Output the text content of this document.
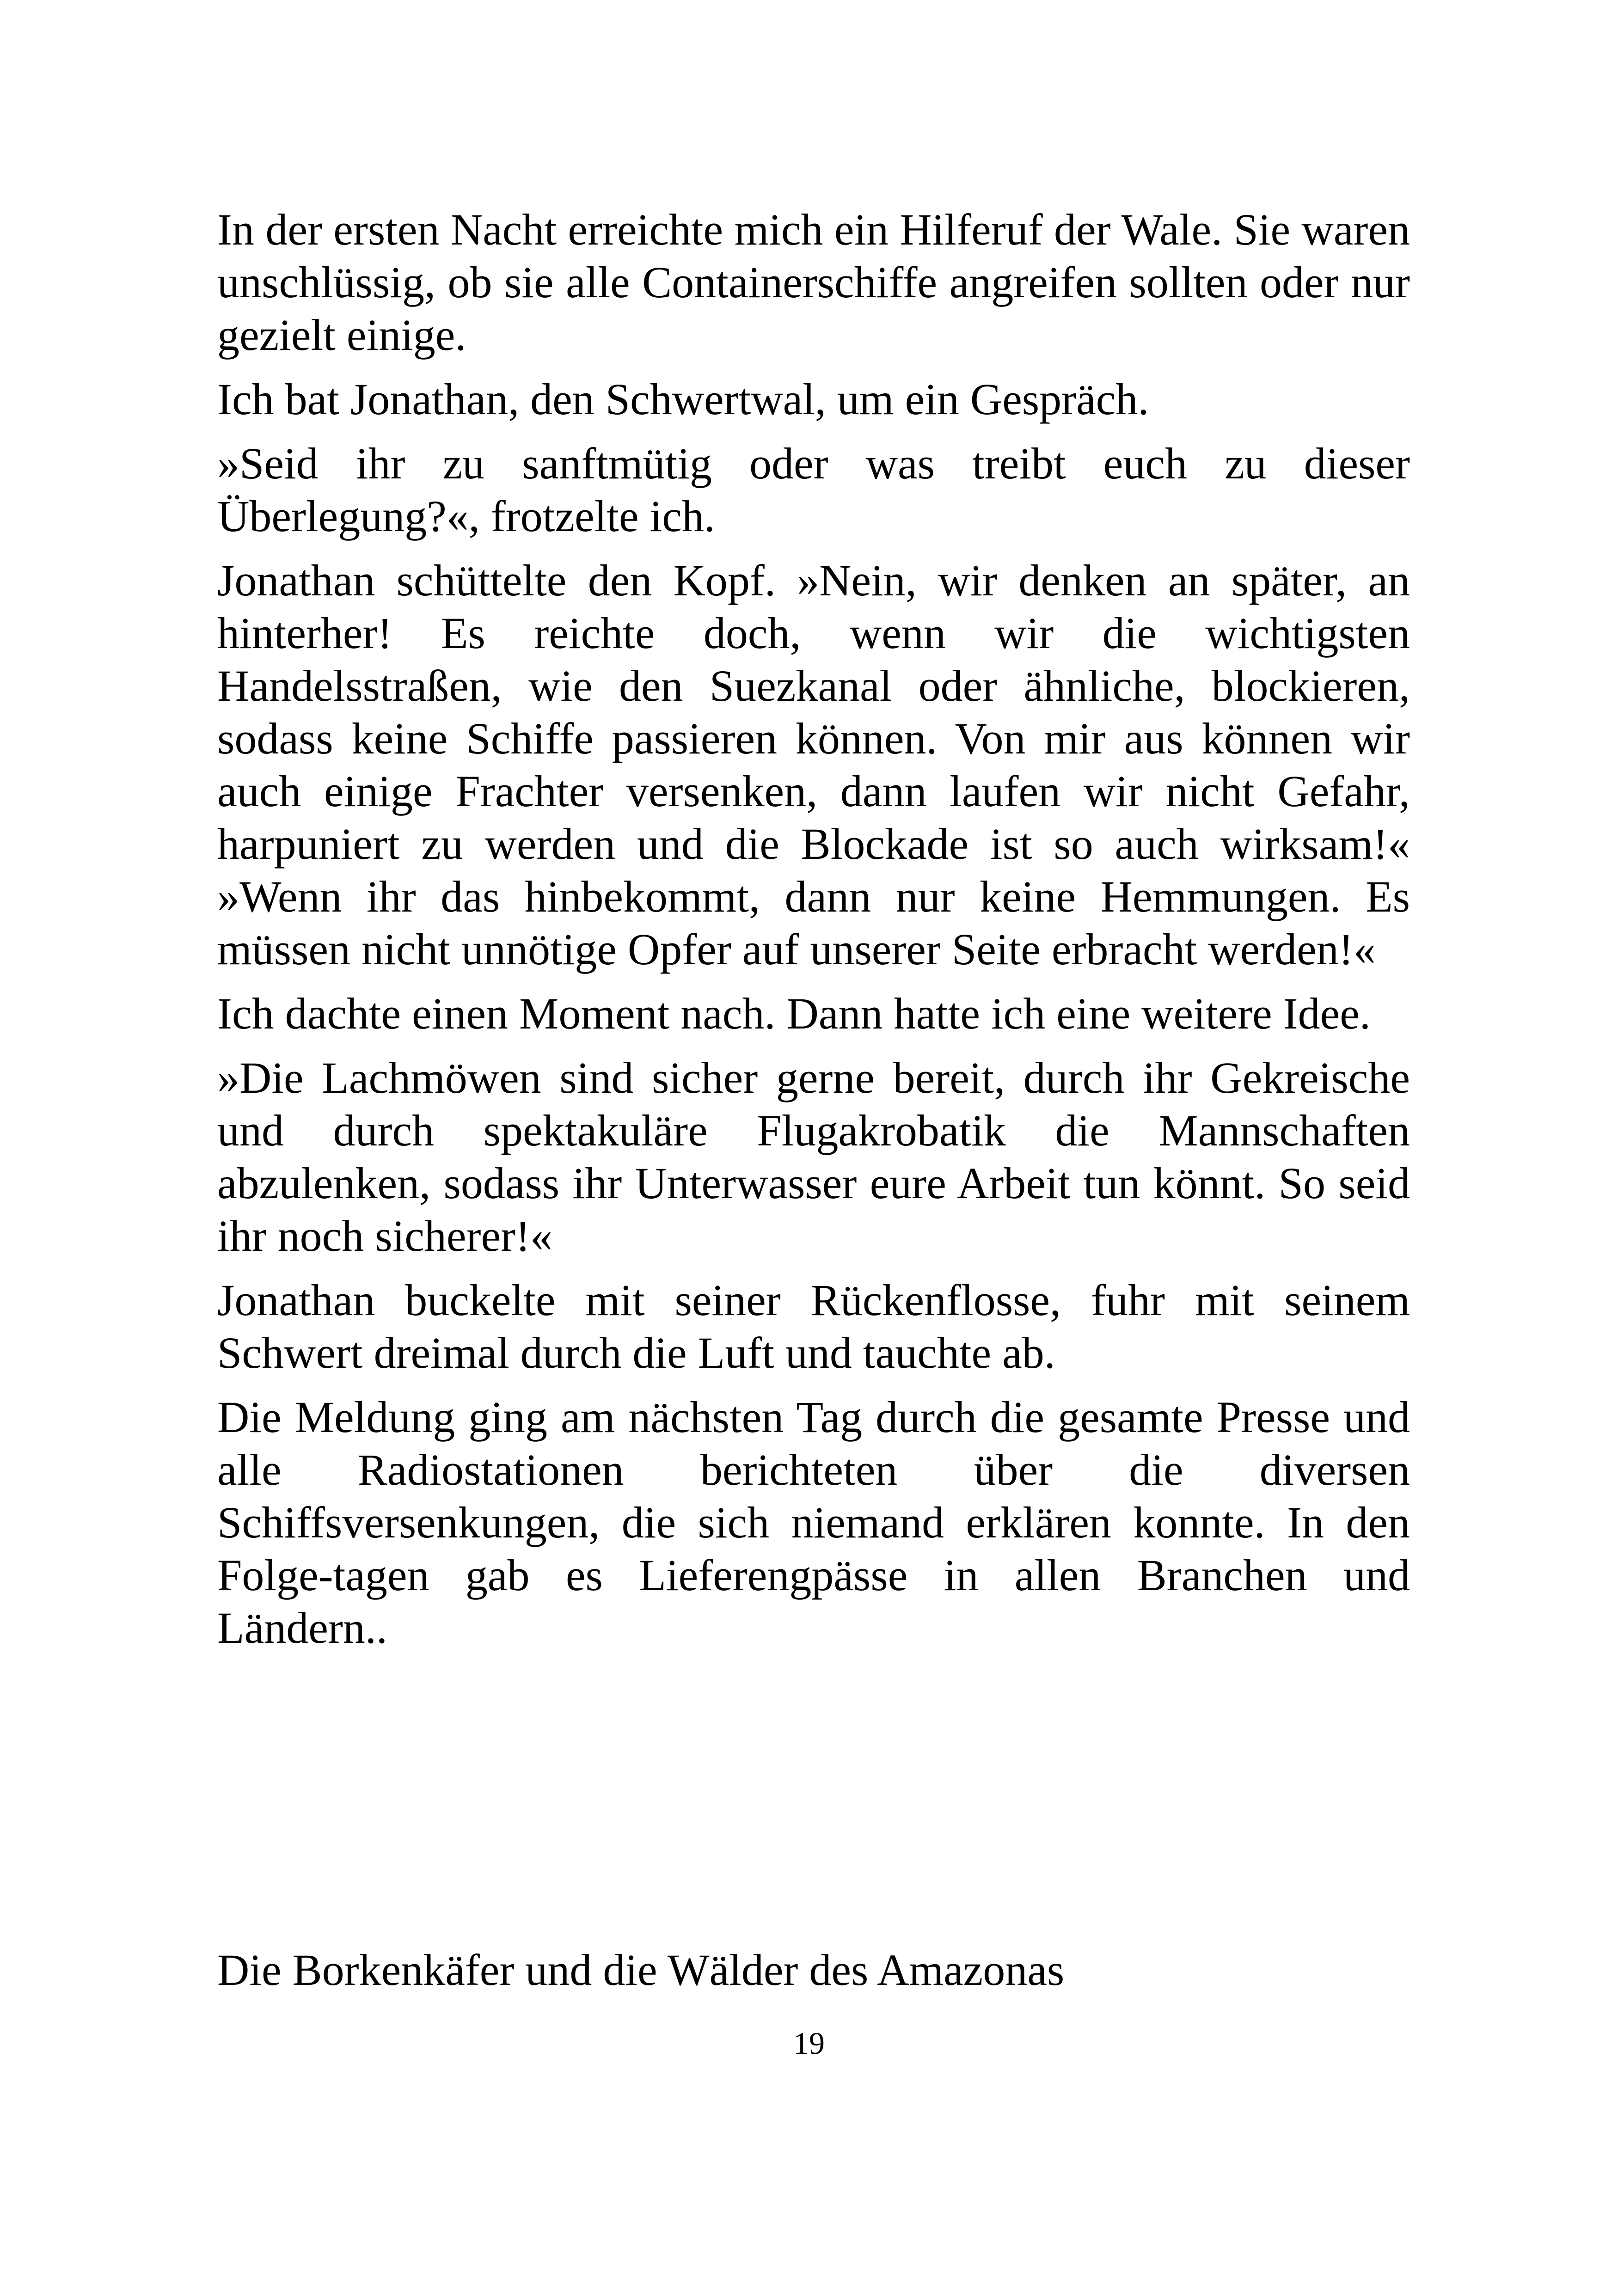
In der ersten Nacht erreichte mich ein Hilferuf der Wale. Sie waren unschlüssig, ob sie alle Containerschiffe angreifen sollten oder nur gezielt einige.

Ich bat Jonathan, den Schwertwal, um ein Gespräch.

»Seid ihr zu sanftmütig oder was treibt euch zu dieser Überlegung?«, frotzelte ich.

Jonathan schüttelte den Kopf. »Nein, wir denken an später, an hinterher! Es reichte doch, wenn wir die wichtigsten Handelsstraßen, wie den Suezkanal oder ähnliche, blockieren, sodass keine Schiffe passieren können. Von mir aus können wir auch einige Frachter versenken, dann laufen wir nicht Gefahr, harpuniert zu werden und die Blockade ist so auch wirksam!« »Wenn ihr das hinbekommt, dann nur keine Hemmungen. Es müssen nicht unnötige Opfer auf unserer Seite erbracht werden!«

Ich dachte einen Moment nach. Dann hatte ich eine weitere Idee.

»Die Lachmöwen sind sicher gerne bereit, durch ihr Gekreische und durch spektakuläre Flugakrobatik die Mannschaften abzulenken, sodass ihr Unterwasser eure Arbeit tun könnt. So seid ihr noch sicherer!«

Jonathan buckelte mit seiner Rückenflosse, fuhr mit seinem Schwert dreimal durch die Luft und tauchte ab.

Die Meldung ging am nächsten Tag durch die gesamte Presse und alle Radiostationen berichteten über die diversen Schiffsversenkungen, die sich niemand erklären konnte. In den Folge-tagen gab es Lieferengpässe in allen Branchen und Ländern..

Die Borkenkäfer und die Wälder des Amazonas
19
